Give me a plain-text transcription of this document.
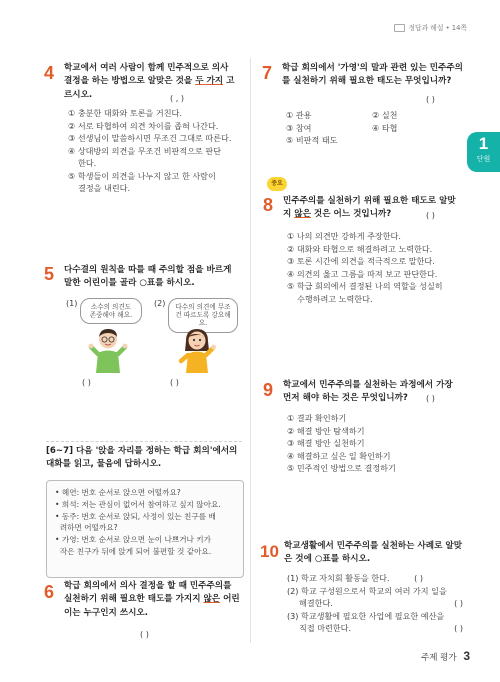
정답과 해설 • 14쪽
1
단원
4 학교에서 여러 사람이 함께 민주적으로 의사
결정을 하는 방법으로 알맞은 것을 두 가지 고
르시오.	( , )
① 충분한 대화와 토론을 거친다.
② 서로 타협하여 의견 차이를 좁혀 나간다.
③ 선생님이 말씀하시면 무조건 그대로 따른다.
④ 상대방의 의견을 무조건 비판적으로 판단
한다.
⑤ 학생들이 의견을 나누지 않고 한 사람이
결정을 내린다.
5 다수결의 원칙을 따를 때 주의할 점을 바르게
말한 어린이를 골라 ○표를 하시오.
(1)	(2)
소수의 의견도 존중해야 해요.
다수의 의견에 무조건 따르도록 강요해요.
( )	( )
[6~7] 다음 '앉을 자리를 정하는 학급 회의'에서의
대화를 읽고, 물음에 답하시오.
• 혜연: 번호 순서로 앉으면 어떨까요?
• 희석: 저는 관심이 없어서 참여하고 싶지 않아요.
• 동주: 번호 순서로 앉되, 사정이 있는 친구를 배
려하면 어떨까요?
• 가영: 번호 순서로 앉으면 눈이 나쁘거나 키가
작은 친구가 뒤에 앉게 되어 불편할 것 같아요.
6 학급 회의에서 의사 결정을 할 때 민주주의를
실천하기 위해 필요한 태도를 가지지 않은 어린
이는 누구인지 쓰시오.
( )
7 학급 회의에서 '가영'의 말과 관련 있는 민주주의
를 실천하기 위해 필요한 태도는 무엇입니까?
( )
① 관용	② 실천
③ 참여	④ 타협
⑤ 비판적 태도
중요
8 민주주의를 실천하기 위해 필요한 태도로 알맞
지 않은 것은 어느 것입니까?	( )
① 나의 의견만 강하게 주장한다.
② 대화와 타협으로 해결하려고 노력한다.
③ 토론 시간에 의견을 적극적으로 말한다.
④ 의견의 옳고 그름을 따져 보고 판단한다.
⑤ 학급 회의에서 결정된 나의 역할을 성실히
수행하려고 노력한다.
9 학교에서 민주주의를 실천하는 과정에서 가장
먼저 해야 하는 것은 무엇입니까?	( )
① 결과 확인하기
② 해결 방안 탐색하기
③ 해결 방안 실천하기
④ 해결하고 싶은 일 확인하기
⑤ 민주적인 방법으로 결정하기
10 학교생활에서 민주주의를 실천하는 사례로 알맞
은 것에 ○표를 하시오.
(1) 학교 자치회 활동을 한다.	( )
(2) 학교 구성원으로서 학교의 여러 가지 일을
해결한다.	( )
(3) 학교생활에 필요한 사업에 필요한 예산을
직접 마련한다.	( )
주제 평가 3
